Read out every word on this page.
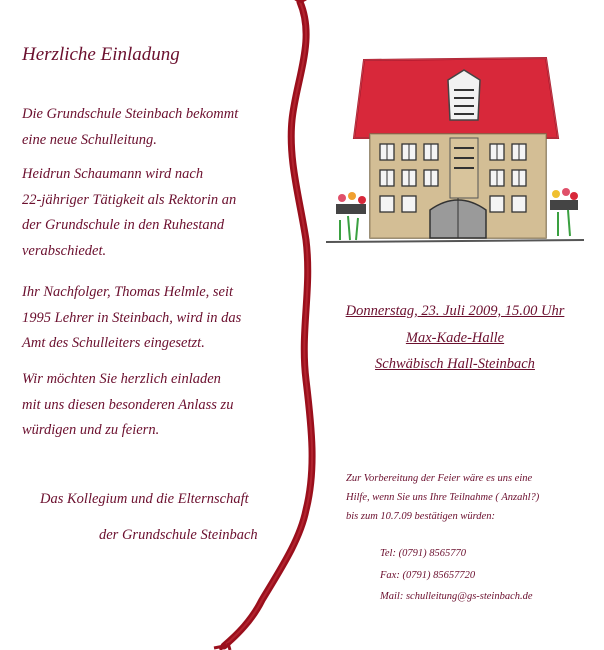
Herzliche Einladung
Die Grundschule Steinbach bekommt
eine neue Schulleitung.
Heidrun Schaumann wird nach
22-jähriger Tätigkeit als Rektorin an
der Grundschule in den Ruhestand
verabschiedet.
Ihr Nachfolger, Thomas Helmle, seit
1995 Lehrer in Steinbach, wird in das
Amt des Schulleiters eingesetzt.
Wir möchten Sie herzlich einladen
mit uns diesen besonderen Anlass zu
würdigen und zu feiern.
Das Kollegium und die Elternschaft
der Grundschule Steinbach
Donnerstag, 23. Juli 2009, 15.00 Uhr
Max-Kade-Halle
Schwäbisch Hall-Steinbach
Zur Vorbereitung der Feier wäre es uns eine
Hilfe, wenn Sie uns Ihre Teilnahme ( Anzahl?)
bis zum 10.7.09 bestätigen würden:
Tel: (0791) 8565770
Fax: (0791) 85657720
Mail: schulleitung@gs-steinbach.de
